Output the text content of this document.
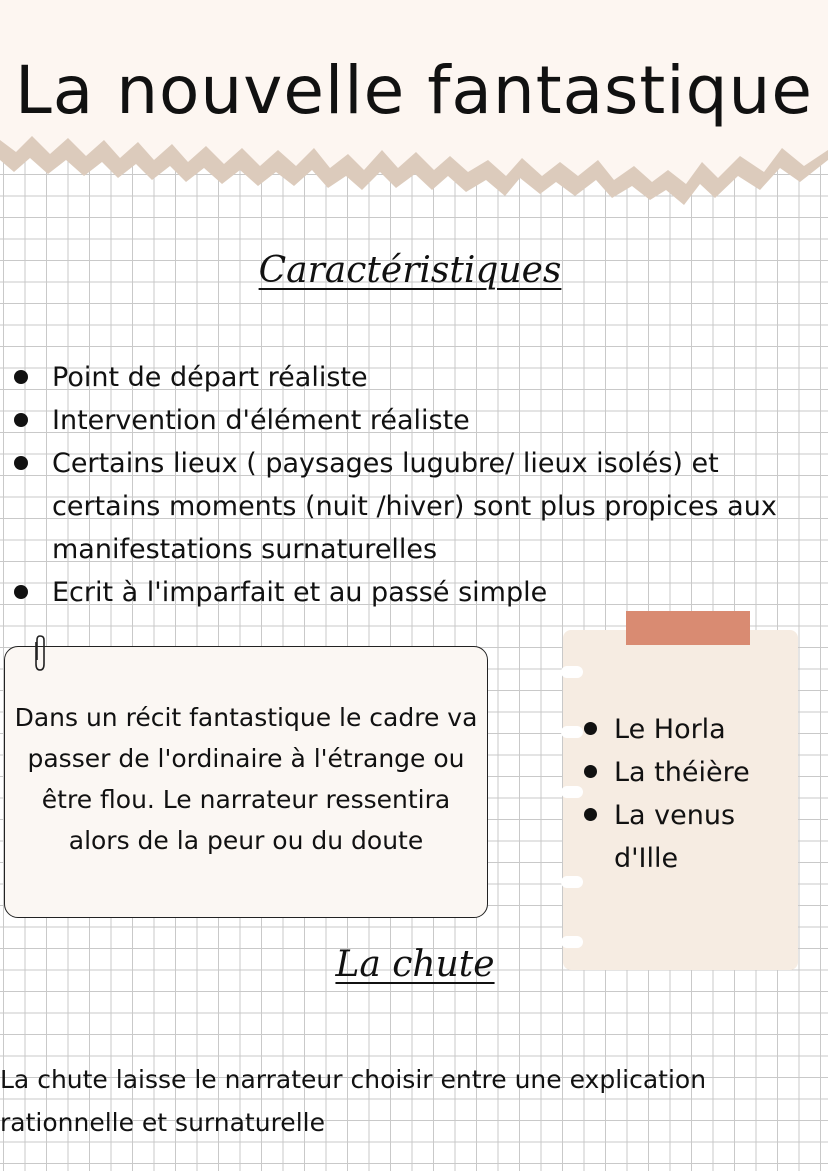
La nouvelle fantastique
Caractéristiques
Point de départ réaliste
Intervention d'élément réaliste
Certains lieux ( paysages lugubre/ lieux isolés) et certains moments (nuit /hiver) sont plus propices aux manifestations surnaturelles
Ecrit à l'imparfait et au passé simple
Dans un récit fantastique le cadre va passer de l'ordinaire à l'étrange ou être flou. Le narrateur ressentira alors de la peur ou du doute
Le Horla
La théière
La venus d'Ille
La chute
La chute laisse le narrateur choisir entre une explication rationnelle et surnaturelle
